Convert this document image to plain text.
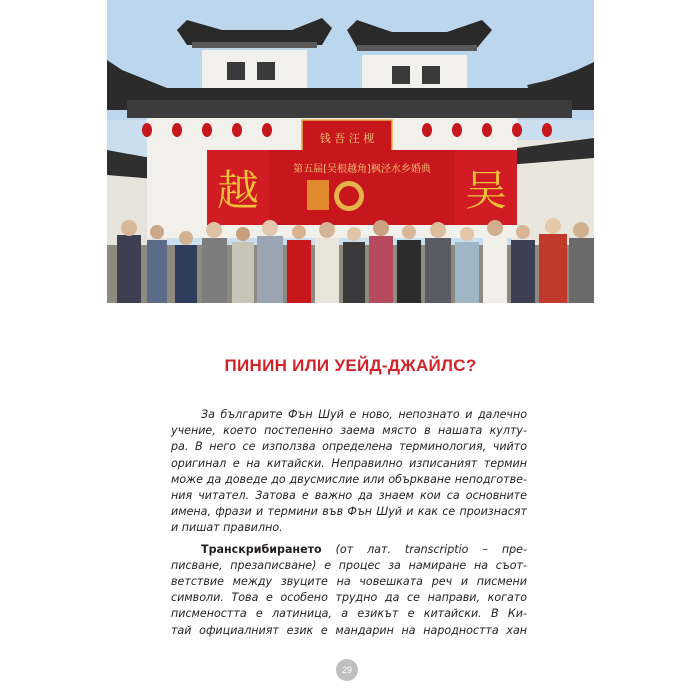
钱 吾 汪 枧
越	吴
第五届[吴根越角]枫泾水乡婚典
ПИНИН ИЛИ УЕЙД-ДЖАЙЛС?
За българите Фън Шуй е ново, непознато и далечно
учение, което постепенно заема място в нашата култу-
ра. В него се използва определена терминология, чийто
оригинал е на китайски. Неправилно изписаният термин
може да доведе до двусмислие или объркване неподготве-
ния читател. Затова е важно да знаем кои са основните
имена, фрази и термини във Фън Шуй и как се произнасят
и пишат правилно.
Транскрибирането (от лат. transcriptio – пре-
писване, презаписване) е процес за намиране на съот-
ветствие между звуците на човешката реч и писмени
символи. Това е особено трудно да се направи, когато
писмеността е латиница, а езикът е китайски. В Ки-
тай официалният език е мандарин на народността хан
29
